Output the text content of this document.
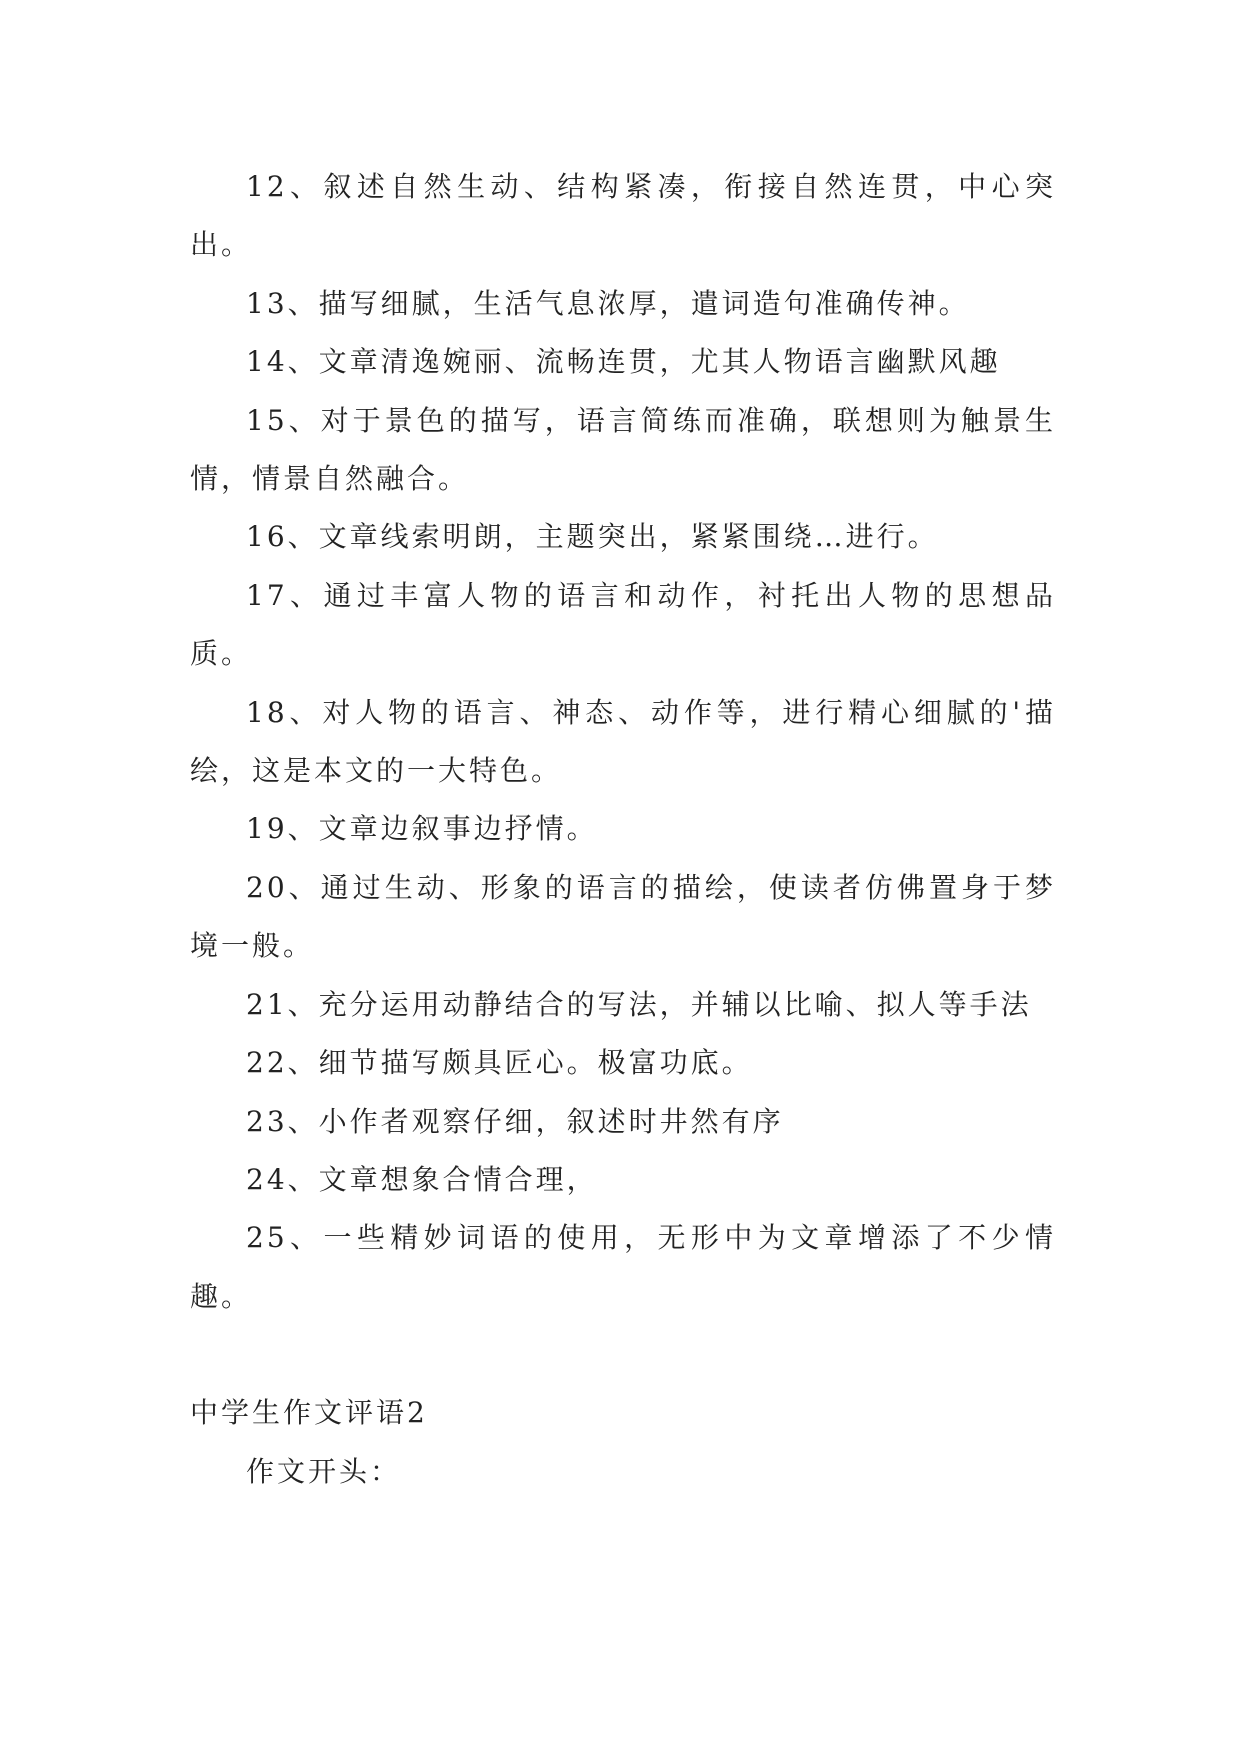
12、叙述自然生动、结构紧凑，衔接自然连贯，中心突出。

13、描写细腻，生活气息浓厚，遣词造句准确传神。

14、文章清逸婉丽、流畅连贯，尤其人物语言幽默风趣

15、对于景色的描写，语言简练而准确，联想则为触景生情，情景自然融合。

16、文章线索明朗，主题突出，紧紧围绕…进行。

17、通过丰富人物的语言和动作，衬托出人物的思想品质。

18、对人物的语言、神态、动作等，进行精心细腻的'描绘，这是本文的一大特色。

19、文章边叙事边抒情。

20、通过生动、形象的语言的描绘，使读者仿佛置身于梦境一般。

21、充分运用动静结合的写法，并辅以比喻、拟人等手法

22、细节描写颇具匠心。极富功底。

23、小作者观察仔细，叙述时井然有序

24、文章想象合情合理，

25、一些精妙词语的使用，无形中为文章增添了不少情趣。

中学生作文评语2

作文开头：
